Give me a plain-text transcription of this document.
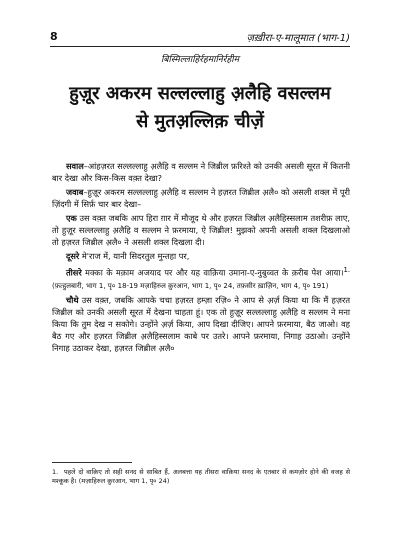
8	ज़ख़ीरा-ए-मालूमात (भाग-1)
बिस्मिल्लाहिर्रहमानिर्रहीम
हुज़ूर अकरम सल्लल्लाहु अ़लैहि वसल्लम
से मुतअ़ल्लिक़ चीज़ें

सवाल–आंहज़रत सल्लल्लाहु अ़लैहि व सल्लम ने जिब्रील फ़रिश्ते को उनकी असली सूरत में कितनी बार देखा और किस-किस वक़्त देखा?

जवाब–हुज़ूर अकरम सल्लल्लाहु अ़लैहि व सल्लम ने हज़रत जिब्रील अ़लै० को असली शक्ल में पूरी ज़िंदगी में सिर्फ़ चार बार देखा–

एक उस वक़्त जबकि आप हिरा ग़ार में मौजूद थे और हज़रत जिब्रील अ़लैहिस्सलाम तशरीफ़ लाए, तो हुज़ूर सल्लल्लाहु अ़लैहि व सल्लम ने फ़रमाया, ऐ जिब्रील! मुझको अपनी असली शक्ल दिखलाओ तो हज़रत जिब्रील अ़लै० ने असली शक्ल दिखला दी।

दूसरे मे'राज में, यानी सिदरतुल मुन्तहा पर,

तीसरे मक्का के मक़ाम अजयाद पर और यह वाक़िया उमाना-ए-नुबुव्वत के क़रीब पेश आया।$^{1.}$ (फ़त्हुलबारी, भाग 1, पृ० 18-19 मज़ाहिरुल क़ुरआन, भाग 1, पृ० 24, तफ़सीर ख़ाज़िन, भाग 4, पृ० 191)

चौथे उस वक़्त, जबकि आपके चचा हज़रत हम्ज़ा रज़ि० ने आप से अ़र्ज़ किया था कि मैं हज़रत जिब्रील को उनकी असली सूरत में देखना चाहता हूं। एक तो हुज़ूर सल्लल्लाहु अ़लैहि व सल्लम ने मना किया कि तुम देख न सकोगे। उन्होंने अ़र्ज़ किया, आप दिखा दीजिए। आपने फ़रमाया, बैठ जाओ। वह बैठ गए और हज़रत जिब्रील अ़लैहिस्सलाम काबे पर उतरे। आपने फ़रमाया, निगाह उठाओ। उन्होंने निगाह उठाकर देखा, हज़रत जिब्रील अ़लै०

1. पहले दो वाक़िए तो सही सनद से साबित हैं, अलबत्ता यह तीसरा वाक़िया सनद के एतबार से कमज़ोर होने की वजह से मश्कूक है। (मज़ाहिरुल क़ुरआन, भाग 1, पृ० 24)
